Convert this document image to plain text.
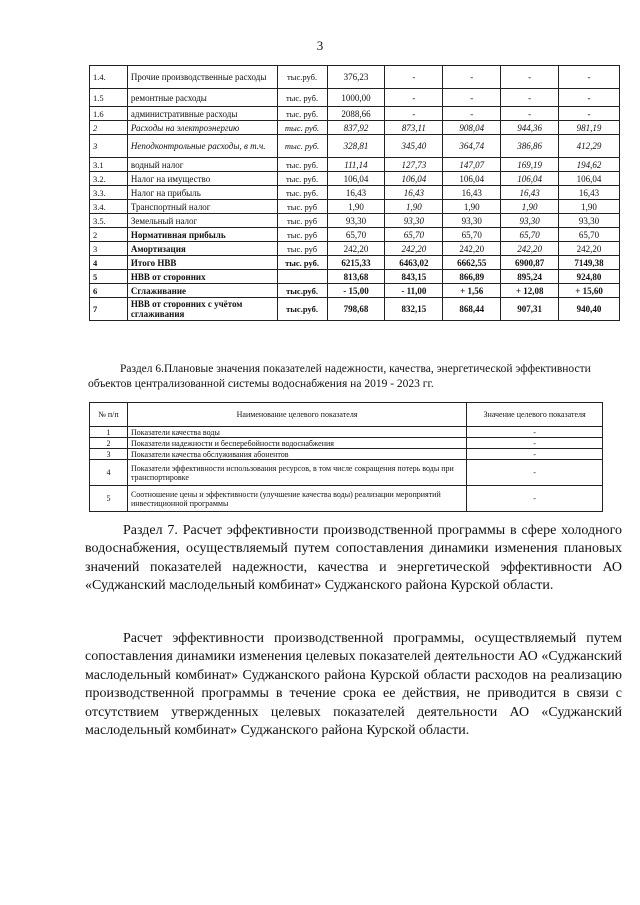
3
1.4.	Прочие производственные расходы	тыс.руб.	376,23	-	-	-	-
1.5	ремонтные расходы	тыс. руб.	1000,00	-	-	-	-
1.6	административные расходы	тыс. руб.	2088,66	-	-	-	-
2	Расходы на электроэнергию	тыс. руб.	837,92	873,11	908,04	944,36	981,19
3	Неподконтрольные расходы, в т.ч.	тыс. руб.	328,81	345,40	364,74	386,86	412,29
3.1	водный налог	тыс. руб.	111,14	127,73	147,07	169,19	194,62
3.2.	Налог на имущество	тыс. руб.	106,04	106,04	106,04	106,04	106,04
3.3.	Налог на прибыль	тыс. руб.	16,43	16,43	16,43	16,43	16,43
3.4.	Транспортный налог	тыс. руб	1,90	1,90	1,90	1,90	1,90
3.5.	Земельный налог	тыс. руб	93,30	93,30	93,30	93,30	93,30
2	Нормативная прибыль	тыс. руб	65,70	65,70	65,70	65,70	65,70
3	Амортизация	тыс. руб	242,20	242,20	242,20	242,20	242,20
4	Итого НВВ	тыс. руб.	6215,33	6463,02	6662,55	6900,87	7149,38
5	НВВ от сторонних		813,68	843,15	866,89	895,24	924,80
6	Сглаживание	тыс.руб.	- 15,00	- 11,00	+ 1,56	+ 12,08	+ 15,60
7	НВВ от сторонних с учётом сглаживания	тыс.руб.	798,68	832,15	868,44	907,31	940,40
Раздел 6.Плановые значения показателей надежности, качества, энергетической эффективности объектов централизованной системы водоснабжения на 2019 - 2023 гг.
№ п/п	Наименование целевого показателя	Значение целевого показателя
1	Показатели качества воды	-
2	Показатели надежности и бесперебойности водоснабжения	-
3	Показатели качества обслуживания абонентов	-
4	Показатели эффективности использования ресурсов, в том числе сокращения потерь воды при транспортировке	-
5	Соотношение цены и эффективности (улучшение качества воды) реализации мероприятий инвестиционной программы	-
Раздел 7. Расчет эффективности производственной программы в сфере холодного водоснабжения, осуществляемый путем сопоставления динамики изменения плановых значений показателей надежности, качества и энергетической эффективности АО «Суджанский маслодельный комбинат» Суджанского района Курской области.
Расчет эффективности производственной программы, осуществляемый путем сопоставления динамики изменения целевых показателей деятельности АО «Суджанский маслодельный комбинат» Суджанского района Курской области расходов на реализацию производственной программы в течение срока ее действия, не приводится в связи с отсутствием утвержденных целевых показателей деятельности АО «Суджанский маслодельный комбинат» Суджанского района Курской области.
